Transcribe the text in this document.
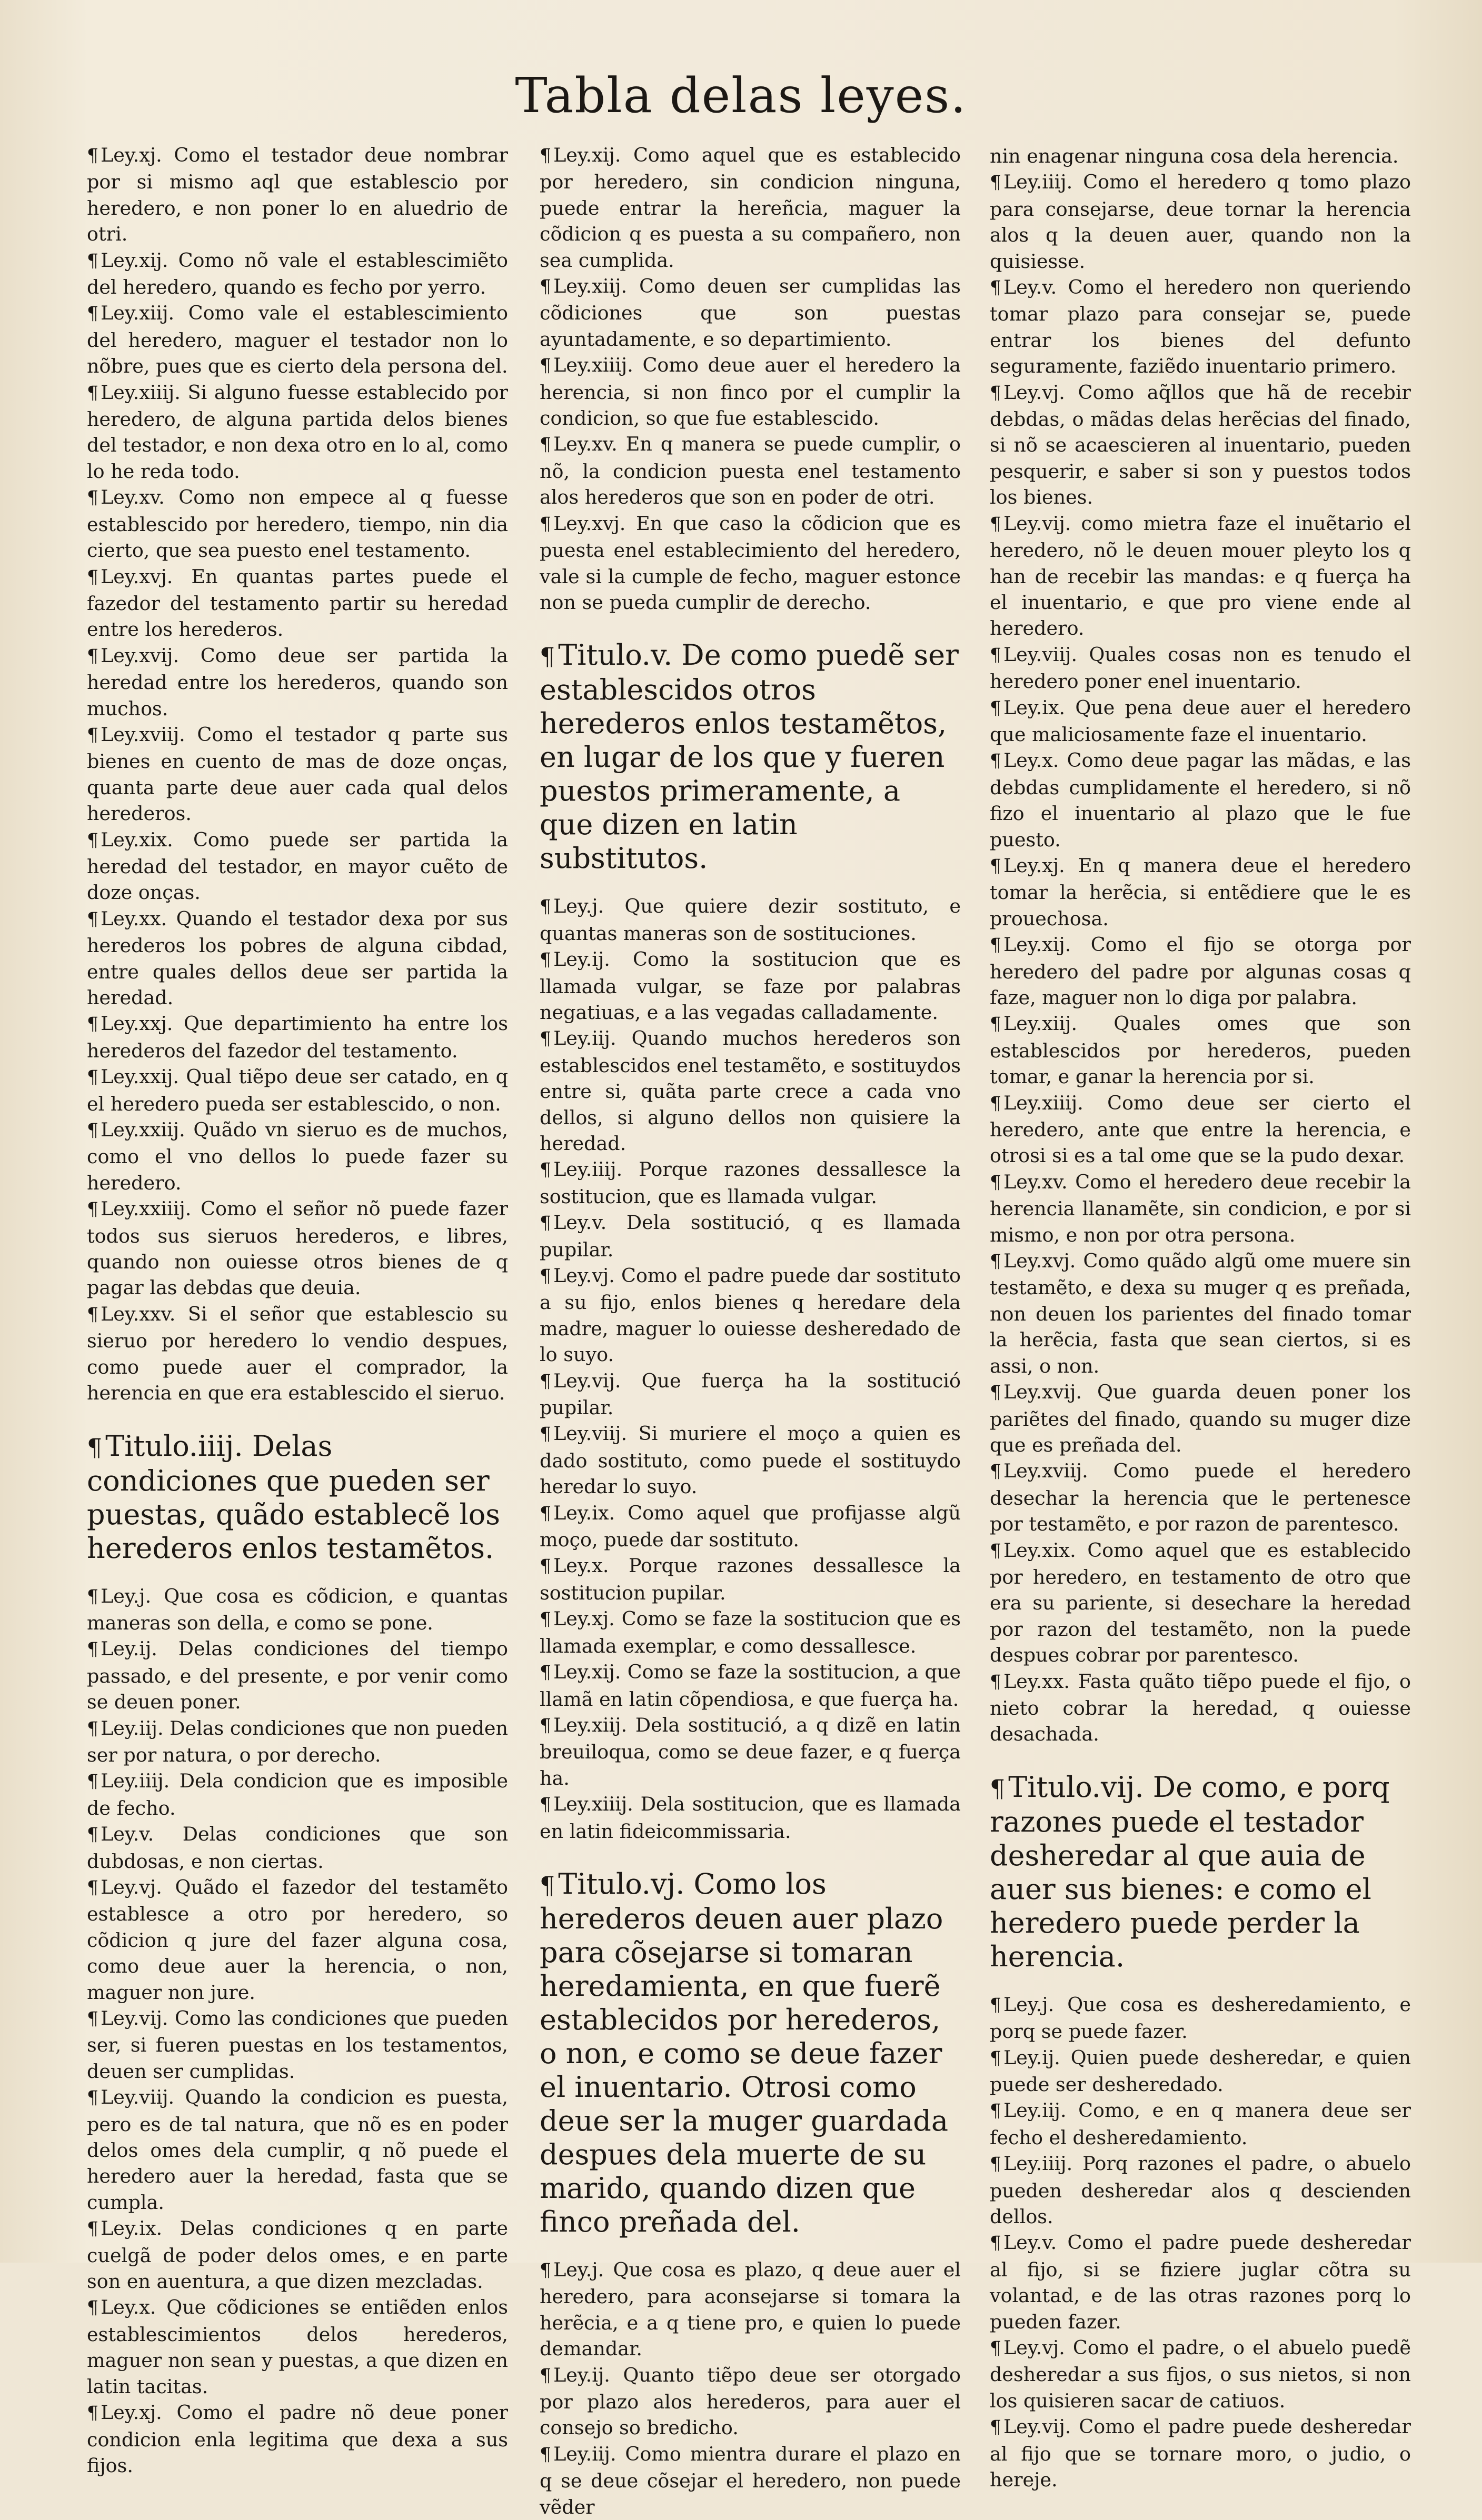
Tabla delas leyes.

¶ Ley.xj. Como el testador deue nombrar por si mismo aql que establescio por heredero, e non poner lo en aluedrio de otri.

¶ Ley.xij. Como nõ vale el establescimiẽto del heredero, quando es fecho por yerro.

¶ Ley.xiij. Como vale el establescimiento del heredero, maguer el testador non lo nõbre, pues que es cierto dela persona del.

¶ Ley.xiiij. Si alguno fuesse establecido por heredero, de alguna partida delos bienes del testador, e non dexa otro en lo al, como lo he reda todo.

¶ Ley.xv. Como non empece al q fuesse establescido por heredero, tiempo, nin dia cierto, que sea puesto enel testamento.

¶ Ley.xvj. En quantas partes puede el fazedor del testamento partir su heredad entre los herederos.

¶ Ley.xvij. Como deue ser partida la heredad entre los herederos, quando son muchos.

¶ Ley.xviij. Como el testador q parte sus bienes en cuento de mas de doze onças, quanta parte deue auer cada qual delos herederos.

¶ Ley.xix. Como puede ser partida la heredad del testador, en mayor cuẽto de doze onças.

¶ Ley.xx. Quando el testador dexa por sus herederos los pobres de alguna cibdad, entre quales dellos deue ser partida la heredad.

¶ Ley.xxj. Que departimiento ha entre los herederos del fazedor del testamento.

¶ Ley.xxij. Qual tiẽpo deue ser catado, en q el heredero pueda ser establescido, o non.

¶ Ley.xxiij. Quãdo vn sieruo es de muchos, como el vno dellos lo puede fazer su heredero.

¶ Ley.xxiiij. Como el señor nõ puede fazer todos sus sieruos herederos, e libres, quando non ouiesse otros bienes de q pagar las debdas que deuia.

¶ Ley.xxv. Si el señor que establescio su sieruo por heredero lo vendio despues, como puede auer el comprador, la herencia en que era establescido el sieruo.

¶ Titulo.iiij. Delas condiciones que pueden ser puestas, quãdo establecẽ los herederos enlos testamẽtos.

¶ Ley.j. Que cosa es cõdicion, e quantas maneras son della, e como se pone.

¶ Ley.ij. Delas condiciones del tiempo passado, e del presente, e por venir como se deuen poner.

¶ Ley.iij. Delas condiciones que non pueden ser por natura, o por derecho.

¶ Ley.iiij. Dela condicion que es imposible de fecho.

¶ Ley.v. Delas condiciones que son dubdosas, e non ciertas.

¶ Ley.vj. Quãdo el fazedor del testamẽto establesce a otro por heredero, so cõdicion q jure del fazer alguna cosa, como deue auer la herencia, o non, maguer non jure.

¶ Ley.vij. Como las condiciones que pueden ser, si fueren puestas en los testamentos, deuen ser cumplidas.

¶ Ley.viij. Quando la condicion es puesta, pero es de tal natura, que nõ es en poder delos omes dela cumplir, q nõ puede el heredero auer la heredad, fasta que se cumpla.

¶ Ley.ix. Delas condiciones q en parte cuelgã de poder delos omes, e en parte son en auentura, a que dizen mezcladas.

¶ Ley.x. Que cõdiciones se entiẽden enlos establescimientos delos herederos, maguer non sean y puestas, a que dizen en latin tacitas.

¶ Ley.xj. Como el padre nõ deue poner condicion enla legitima que dexa a sus fijos.

¶ Ley.xij. Como aquel que es establecido por heredero, sin condicion ninguna, puede entrar la hereñcia, maguer la cõdicion q es puesta a su compañero, non sea cumplida.

¶ Ley.xiij. Como deuen ser cumplidas las cõdiciones que son puestas ayuntadamente, e so departimiento.

¶ Ley.xiiij. Como deue auer el heredero la herencia, si non finco por el cumplir la condicion, so que fue establescido.

¶ Ley.xv. En q manera se puede cumplir, o nõ, la condicion puesta enel testamento alos herederos que son en poder de otri.

¶ Ley.xvj. En que caso la cõdicion que es puesta enel establecimiento del heredero, vale si la cumple de fecho, maguer estonce non se pueda cumplir de derecho.

¶ Titulo.v. De como puedẽ ser establescidos otros herederos enlos testamẽtos, en lugar de los que y fueren puestos primeramente, a que dizen en latin substitutos.

¶ Ley.j. Que quiere dezir sostituto, e quantas maneras son de sostituciones.

¶ Ley.ij. Como la sostitucion que es llamada vulgar, se faze por palabras negatiuas, e a las vegadas calladamente.

¶ Ley.iij. Quando muchos herederos son establescidos enel testamẽto, e sostituydos entre si, quãta parte crece a cada vno dellos, si alguno dellos non quisiere la heredad.

¶ Ley.iiij. Porque razones dessallesce la sostitucion, que es llamada vulgar.

¶ Ley.v. Dela sostitució, q es llamada pupilar.

¶ Ley.vj. Como el padre puede dar sostituto a su fijo, enlos bienes q heredare dela madre, maguer lo ouiesse desheredado de lo suyo.

¶ Ley.vij. Que fuerça ha la sostitució pupilar.

¶ Ley.viij. Si muriere el moço a quien es dado sostituto, como puede el sostituydo heredar lo suyo.

¶ Ley.ix. Como aquel que profijasse algũ moço, puede dar sostituto.

¶ Ley.x. Porque razones dessallesce la sostitucion pupilar.

¶ Ley.xj. Como se faze la sostitucion que es llamada exemplar, e como dessallesce.

¶ Ley.xij. Como se faze la sostitucion, a que llamã en latin cõpendiosa, e que fuerça ha.

¶ Ley.xiij. Dela sostitució, a q dizẽ en latin breuiloqua, como se deue fazer, e q fuerça ha.

¶ Ley.xiiij. Dela sostitucion, que es llamada en latin fideicommissaria.

¶ Titulo.vj. Como los herederos deuen auer plazo para cõsejarse si tomaran heredamienta, en que fuerẽ establecidos por herederos, o non, e como se deue fazer el inuentario. Otrosi como deue ser la muger guardada despues dela muerte de su marido, quando dizen que finco preñada del.

¶ Ley.j. Que cosa es plazo, q deue auer el heredero, para aconsejarse si tomara la herẽcia, e a q tiene pro, e quien lo puede demandar.

¶ Ley.ij. Quanto tiẽpo deue ser otorgado por plazo alos herederos, para auer el consejo so bredicho.

¶ Ley.iij. Como mientra durare el plazo en q se deue cõsejar el heredero, non puede vẽder

nin enagenar ninguna cosa dela herencia.

¶ Ley.iiij. Como el heredero q tomo plazo para consejarse, deue tornar la herencia alos q la deuen auer, quando non la quisiesse.

¶ Ley.v. Como el heredero non queriendo tomar plazo para consejar se, puede entrar los bienes del defunto seguramente, faziẽdo inuentario primero.

¶ Ley.vj. Como aq̃llos que hã de recebir debdas, o mãdas delas herẽcias del finado, si nõ se acaescieren al inuentario, pueden pesquerir, e saber si son y puestos todos los bienes.

¶ Ley.vij. como mietra faze el inuẽtario el heredero, nõ le deuen mouer pleyto los q han de recebir las mandas: e q fuerça ha el inuentario, e que pro viene ende al heredero.

¶ Ley.viij. Quales cosas non es tenudo el heredero poner enel inuentario.

¶ Ley.ix. Que pena deue auer el heredero que maliciosamente faze el inuentario.

¶ Ley.x. Como deue pagar las mãdas, e las debdas cumplidamente el heredero, si nõ fizo el inuentario al plazo que le fue puesto.

¶ Ley.xj. En q manera deue el heredero tomar la herẽcia, si entẽdiere que le es prouechosa.

¶ Ley.xij. Como el fijo se otorga por heredero del padre por algunas cosas q faze, maguer non lo diga por palabra.

¶ Ley.xiij. Quales omes que son establescidos por herederos, pueden tomar, e ganar la herencia por si.

¶ Ley.xiiij. Como deue ser cierto el heredero, ante que entre la herencia, e otrosi si es a tal ome que se la pudo dexar.

¶ Ley.xv. Como el heredero deue recebir la herencia llanamẽte, sin condicion, e por si mismo, e non por otra persona.

¶ Ley.xvj. Como quãdo algũ ome muere sin testamẽto, e dexa su muger q es preñada, non deuen los parientes del finado tomar la herẽcia, fasta que sean ciertos, si es assi, o non.

¶ Ley.xvij. Que guarda deuen poner los pariẽtes del finado, quando su muger dize que es preñada del.

¶ Ley.xviij. Como puede el heredero desechar la herencia que le pertenesce por testamẽto, e por razon de parentesco.

¶ Ley.xix. Como aquel que es establecido por heredero, en testamento de otro que era su pariente, si desechare la heredad por razon del testamẽto, non la puede despues cobrar por parentesco.

¶ Ley.xx. Fasta quãto tiẽpo puede el fijo, o nieto cobrar la heredad, q ouiesse desachada.

¶ Titulo.vij. De como, e porq razones puede el testador desheredar al que auia de auer sus bienes: e como el heredero puede perder la herencia.

¶ Ley.j. Que cosa es desheredamiento, e porq se puede fazer.

¶ Ley.ij. Quien puede desheredar, e quien puede ser desheredado.

¶ Ley.iij. Como, e en q manera deue ser fecho el desheredamiento.

¶ Ley.iiij. Porq razones el padre, o abuelo pueden desheredar alos q descienden dellos.

¶ Ley.v. Como el padre puede desheredar al fijo, si se fiziere juglar cõtra su volantad, e de las otras razones porq lo pueden fazer.

¶ Ley.vj. Como el padre, o el abuelo puedẽ desheredar a sus fijos, o sus nietos, si non los quisieren sacar de catiuos.

¶ Ley.vij. Como el padre puede desheredar al fijo que se tornare moro, o judio, o hereje.
